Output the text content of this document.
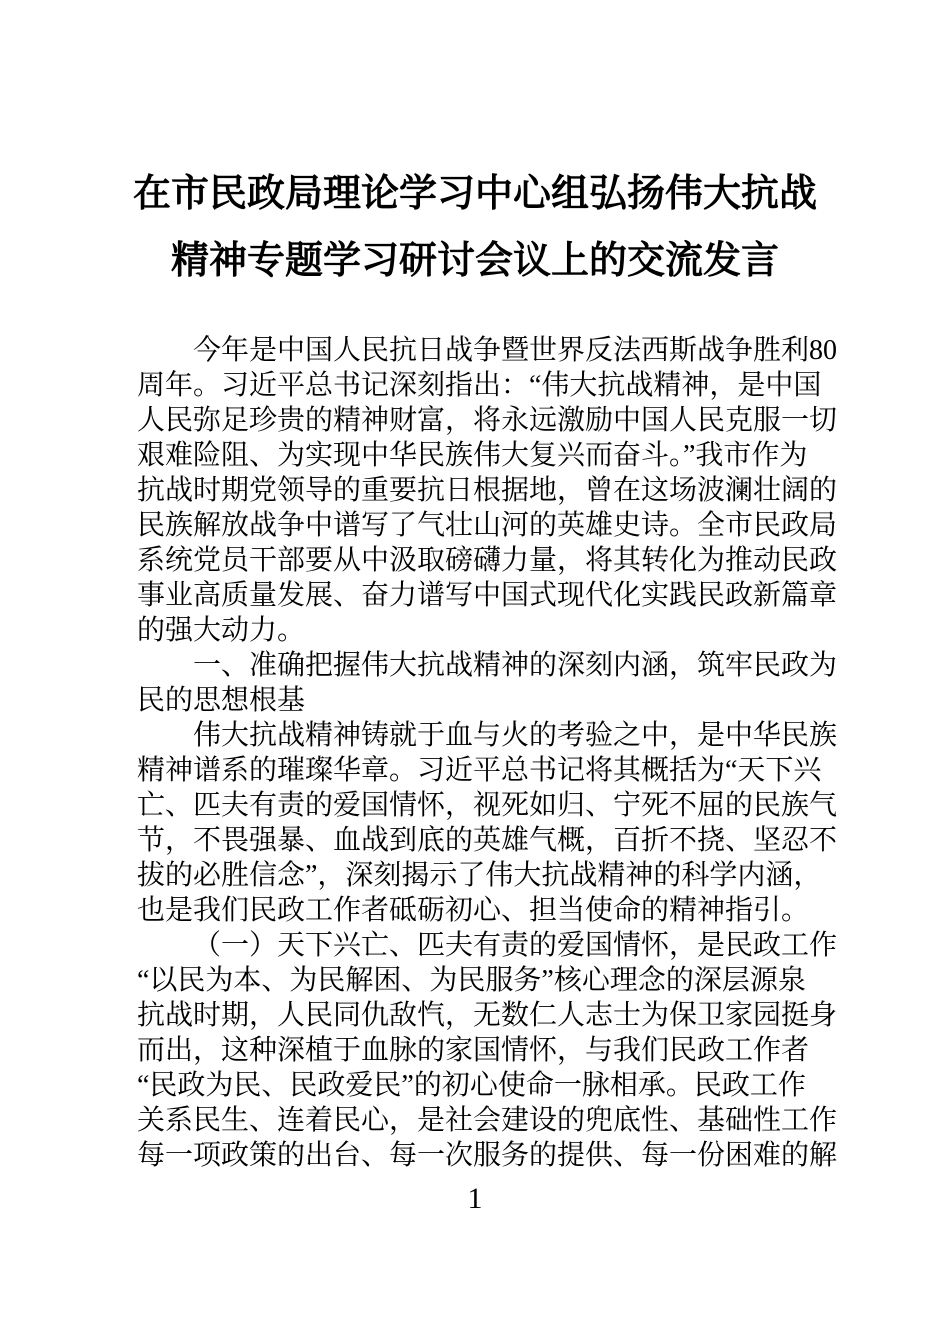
在市民政局理论学习中心组弘扬伟大抗战
精神专题学习研讨会议上的交流发言
今年是中国人民抗日战争暨世界反法西斯战争胜利80
周年。习近平总书记深刻指出：“伟大抗战精神，是中国
人民弥足珍贵的精神财富，将永远激励中国人民克服一切
艰难险阻、为实现中华民族伟大复兴而奋斗。”我市作为
抗战时期党领导的重要抗日根据地，曾在这场波澜壮阔的
民族解放战争中谱写了气壮山河的英雄史诗。全市民政局
系统党员干部要从中汲取磅礴力量，将其转化为推动民政
事业高质量发展、奋力谱写中国式现代化实践民政新篇章
的强大动力。
一、准确把握伟大抗战精神的深刻内涵，筑牢民政为
民的思想根基
伟大抗战精神铸就于血与火的考验之中，是中华民族
精神谱系的璀璨华章。习近平总书记将其概括为“天下兴
亡、匹夫有责的爱国情怀，视死如归、宁死不屈的民族气
节，不畏强暴、血战到底的英雄气概，百折不挠、坚忍不
拔的必胜信念”，深刻揭示了伟大抗战精神的科学内涵，
也是我们民政工作者砥砺初心、担当使命的精神指引。
（一）天下兴亡、匹夫有责的爱国情怀，是民政工作
“以民为本、为民解困、为民服务”核心理念的深层源泉
抗战时期，人民同仇敌忾，无数仁人志士为保卫家园挺身
而出，这种深植于血脉的家国情怀，与我们民政工作者
“民政为民、民政爱民”的初心使命一脉相承。民政工作
关系民生、连着民心，是社会建设的兜底性、基础性工作
每一项政策的出台、每一次服务的提供、每一份困难的解
1
